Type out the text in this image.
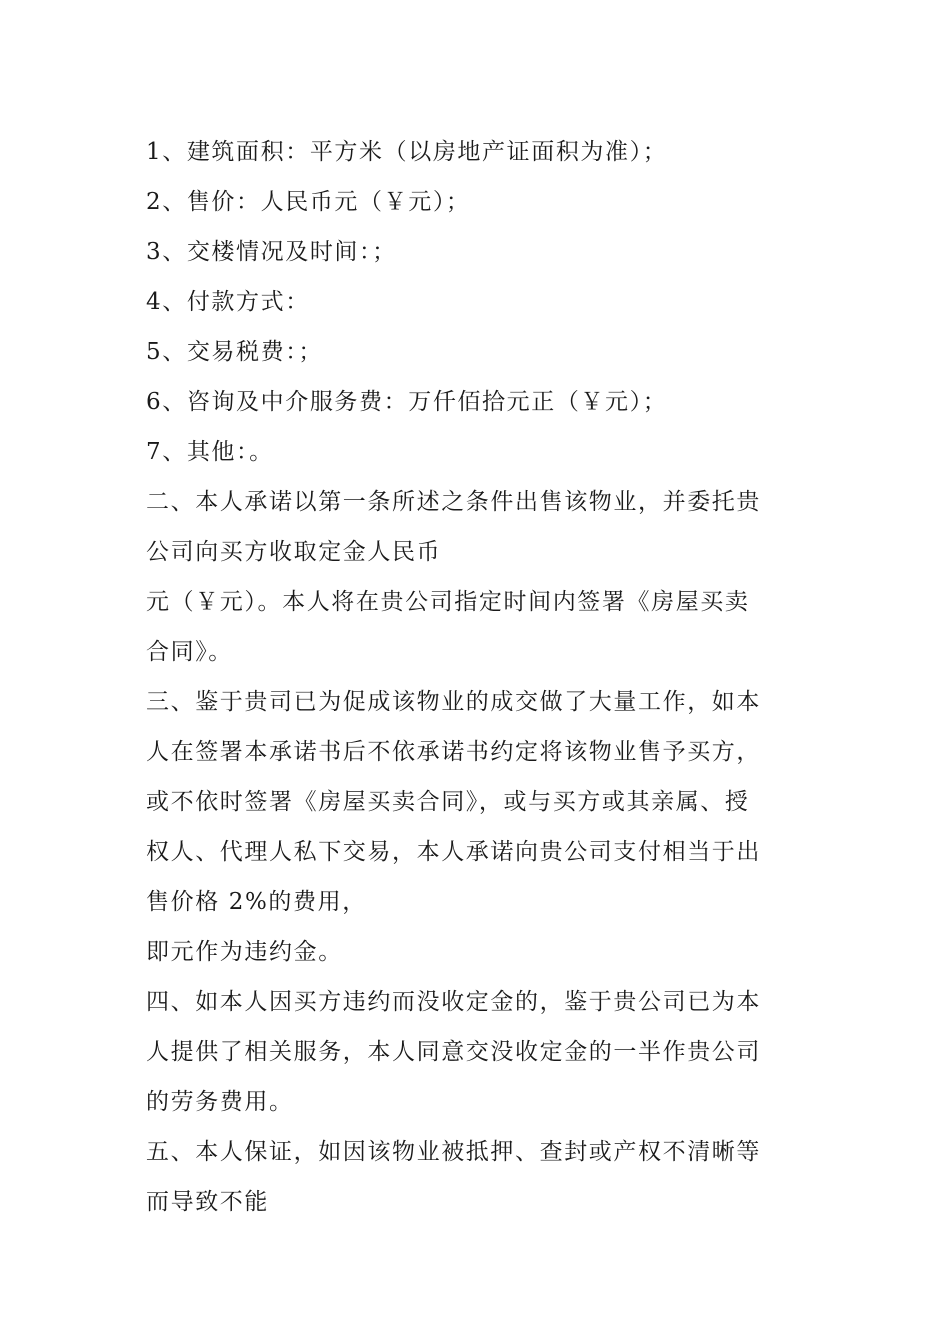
1、建筑面积：平方米（以房地产证面积为准）；
2、售价：人民币元（￥元）；
3、交楼情况及时间：；
4、付款方式：
5、交易税费：；
6、咨询及中介服务费：万仟佰拾元正（￥元）；
7、其他：。
二、本人承诺以第一条所述之条件出售该物业，并委托贵
公司向买方收取定金人民币
元（￥元）。本人将在贵公司指定时间内签署《房屋买卖
合同》。
三、鉴于贵司已为促成该物业的成交做了大量工作，如本
人在签署本承诺书后不依承诺书约定将该物业售予买方，
或不依时签署《房屋买卖合同》，或与买方或其亲属、授
权人、代理人私下交易，本人承诺向贵公司支付相当于出
售价格 2%的费用，
即元作为违约金。
四、如本人因买方违约而没收定金的，鉴于贵公司已为本
人提供了相关服务，本人同意交没收定金的一半作贵公司
的劳务费用。
五、本人保证，如因该物业被抵押、查封或产权不清晰等
而导致不能
